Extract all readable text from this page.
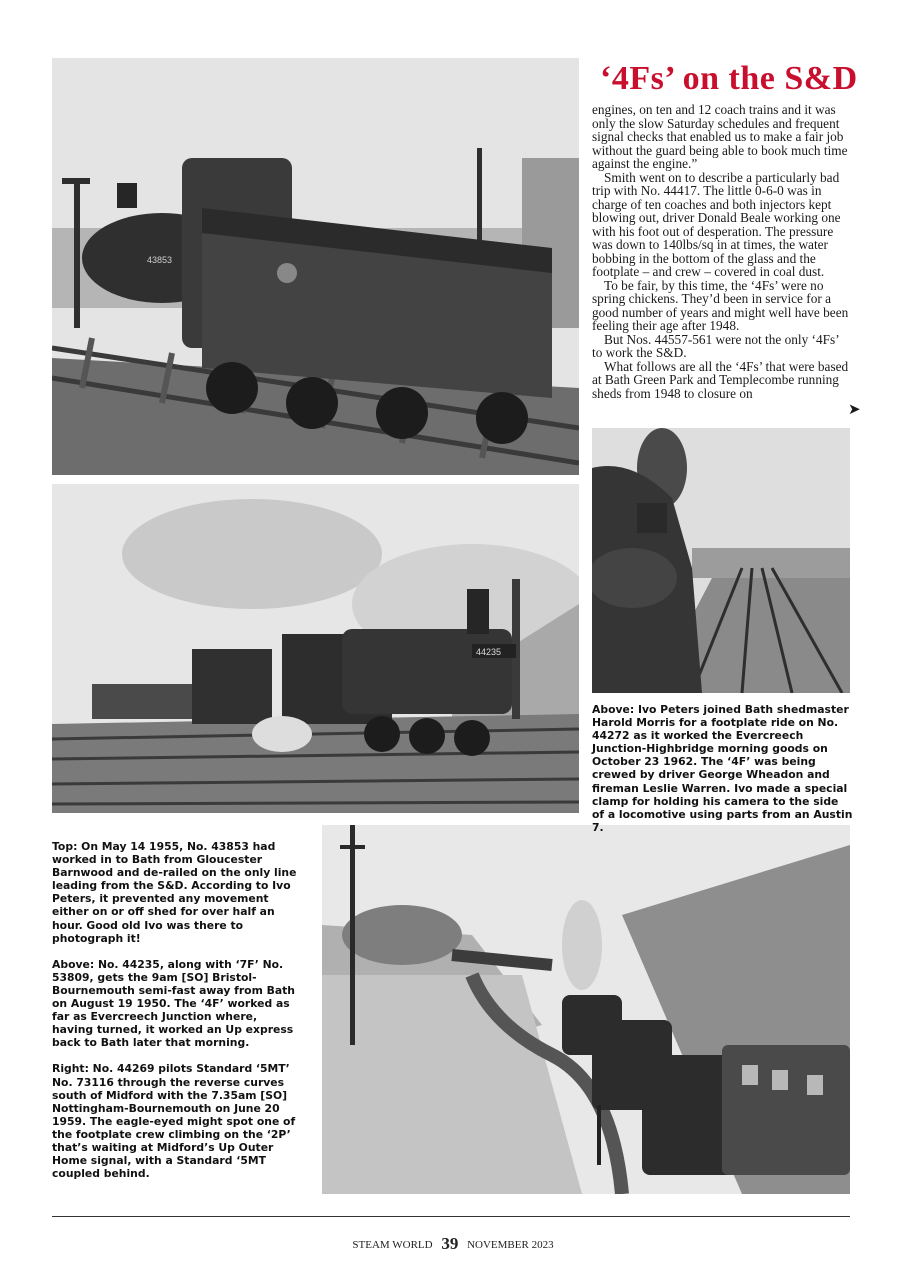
43853
44235
‘4Fs’ on the S&D

engines, on ten and 12 coach trains and it was only the slow Saturday schedules and frequent signal checks that enabled us to make a fair job without the guard being able to book much time against the engine.”

Smith went on to describe a particularly bad trip with No. 44417. The little 0-6-0 was in charge of ten coaches and both injectors kept blowing out, driver Donald Beale working one with his foot out of desperation. The pressure was down to 140lbs/sq in at times, the water bobbing in the bottom of the glass and the footplate – and crew – covered in coal dust.

To be fair, by this time, the ‘4Fs’ were no spring chickens. They’d been in service for a good number of years and might well have been feeling their age after 1948.

But Nos. 44557-561 were not the only ‘4Fs’ to work the S&D.

What follows are all the ‘4Fs’ that were based at Bath Green Park and Templecombe running sheds from 1948 to closure on

➤

Above: Ivo Peters joined Bath shedmaster Harold Morris for a footplate ride on No. 44272 as it worked the Evercreech Junction-Highbridge morning goods on October 23 1962. The ‘4F’ was being crewed by driver George Wheadon and fireman Leslie Warren. Ivo made a special clamp for holding his camera to the side of a locomotive using parts from an Austin 7.

Top: On May 14 1955, No. 43853 had worked in to Bath from Gloucester Barnwood and de-railed on the only line leading from the S&D. According to Ivo Peters, it prevented any movement either on or off shed for over half an hour. Good old Ivo was there to photograph it!

Above: No. 44235, along with ‘7F’ No. 53809, gets the 9am [SO] Bristol-Bournemouth semi-fast away from Bath on August 19 1950. The ‘4F’ worked as far as Evercreech Junction where, having turned, it worked an Up express back to Bath later that morning.

Right: No. 44269 pilots Standard ‘5MT’ No. 73116 through the reverse curves south of Midford with the 7.35am [SO] Nottingham-Bournemouth on June 20 1959. The eagle-eyed might spot one of the footplate crew climbing on the ‘2P’ that’s waiting at Midford’s Up Outer Home signal, with a Standard ‘5MT coupled behind.

STEAM WORLD 39 NOVEMBER 2023
